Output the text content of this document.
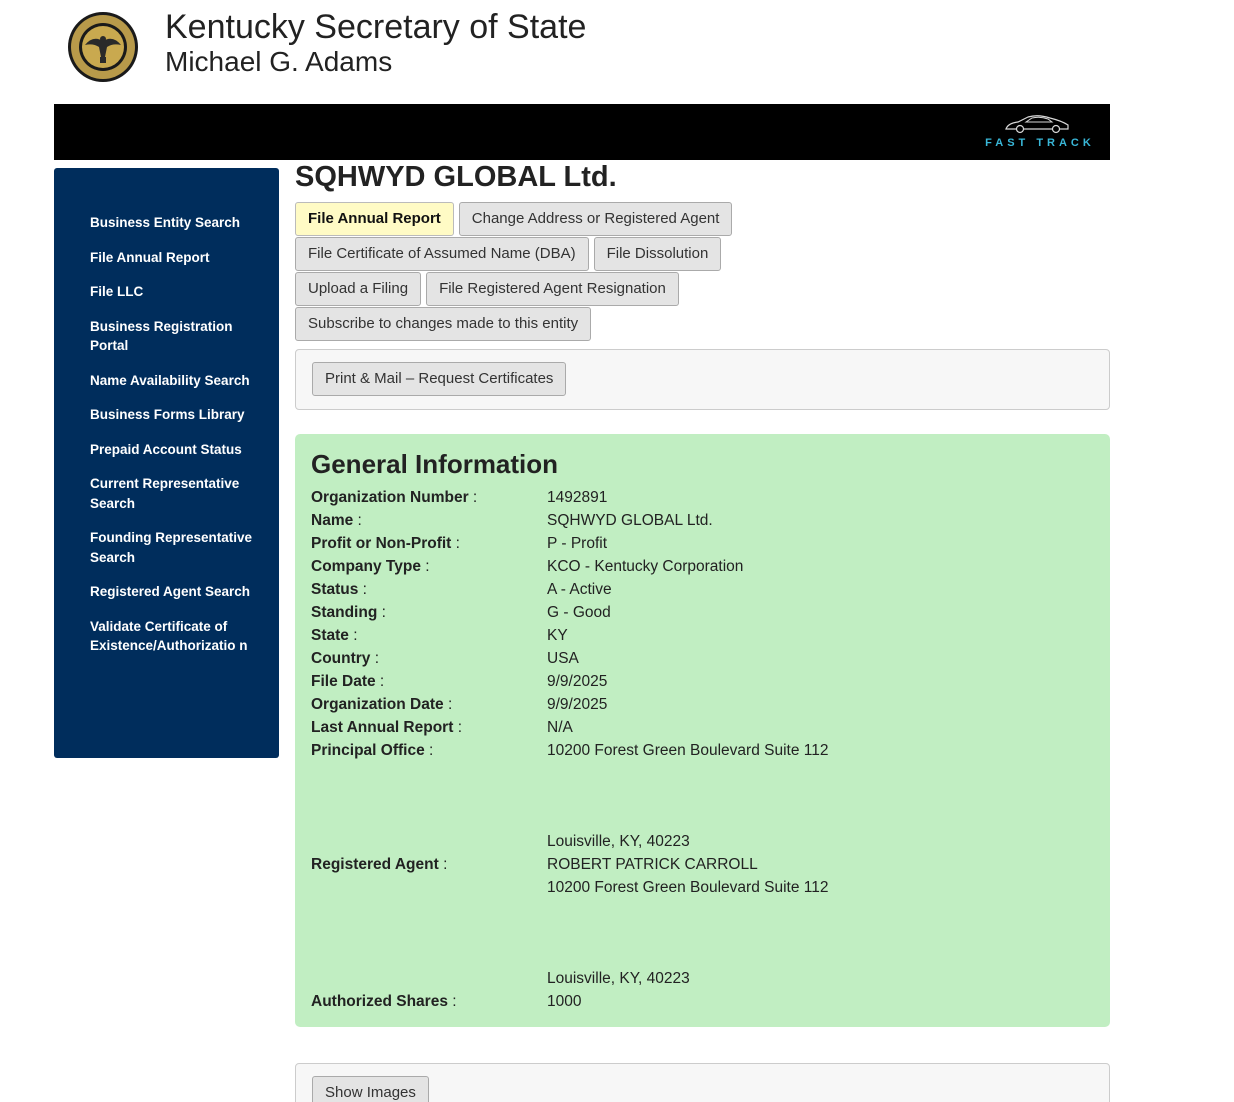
Kentucky Secretary of State
Michael G. Adams
FAST TRACK
Business Entity Search
File Annual Report
File LLC
Business Registration Portal
Name Availability Search
Business Forms Library
Prepaid Account Status
Current Representative Search
Founding Representative Search
Registered Agent Search
Validate Certificate of Existence/Authorizatio n
SQHWYD GLOBAL Ltd.
File Annual Report	Change Address or Registered Agent
File Certificate of Assumed Name (DBA)	File Dissolution
Upload a Filing	File Registered Agent Resignation
Subscribe to changes made to this entity
Print & Mail – Request Certificates
General Information
Organization Number :	1492891
Name :	SQHWYD GLOBAL Ltd.
Profit or Non-Profit :	P - Profit
Company Type :	KCO - Kentucky Corporation
Status :	A - Active
Standing :	G - Good
State :	KY
Country :	USA
File Date :	9/9/2025
Organization Date :	9/9/2025
Last Annual Report :	N/A
Principal Office :	10200 Forest Green Boulevard Suite 112
Louisville, KY, 40223
Registered Agent :	ROBERT PATRICK CARROLL
10200 Forest Green Boulevard Suite 112
Louisville, KY, 40223
Authorized Shares :	1000
Show Images
